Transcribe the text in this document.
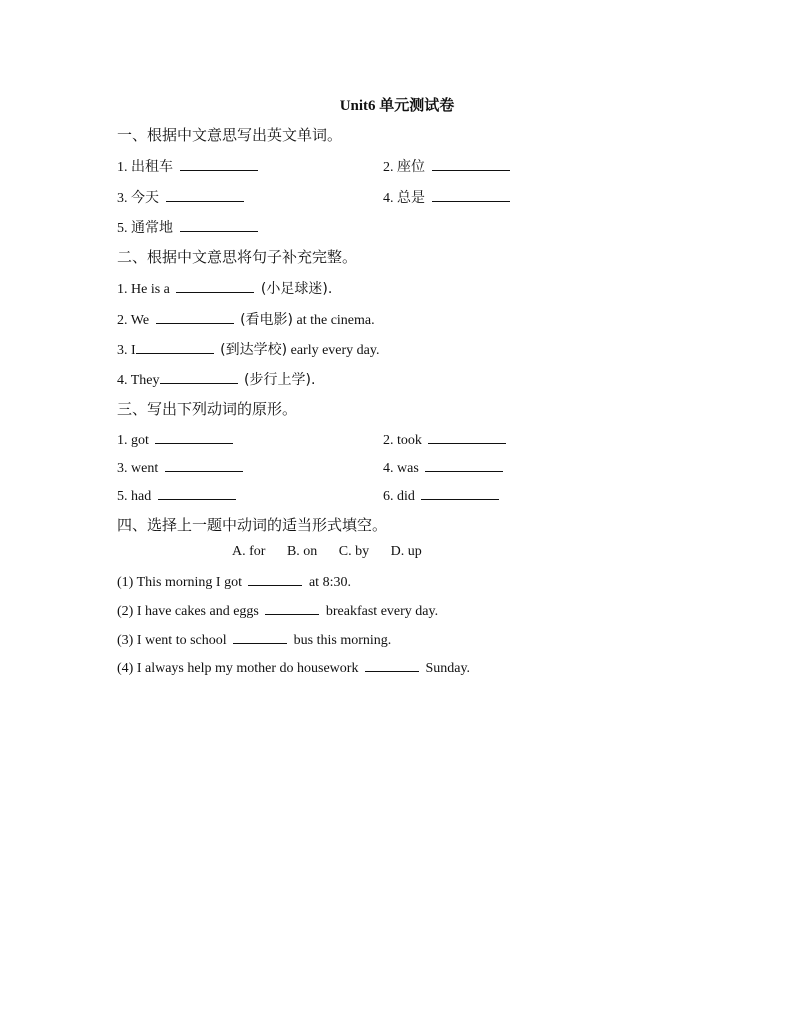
Unit6 单元测试卷
一、根据中文意思写出英文单词。
1. 出租车	2. 座位
3. 今天	4. 总是
5. 通常地
二、根据中文意思将句子补充完整。
1. He is a	(小足球迷).
2. We	(看电影) at the cinema.
3. I	(到达学校) early every day.
4. They	(步行上学).
三、写出下列动词的原形。
1. got	2. took
3. went	4. was
5. had	6. did
四、选择上一题中动词的适当形式填空。
A. for B. on C. by D. up
(1) This morning I got	at 8:30.
(2) I have cakes and eggs	breakfast every day.
(3) I went to school	bus this morning.
(4) I always help my mother do housework	Sunday.
